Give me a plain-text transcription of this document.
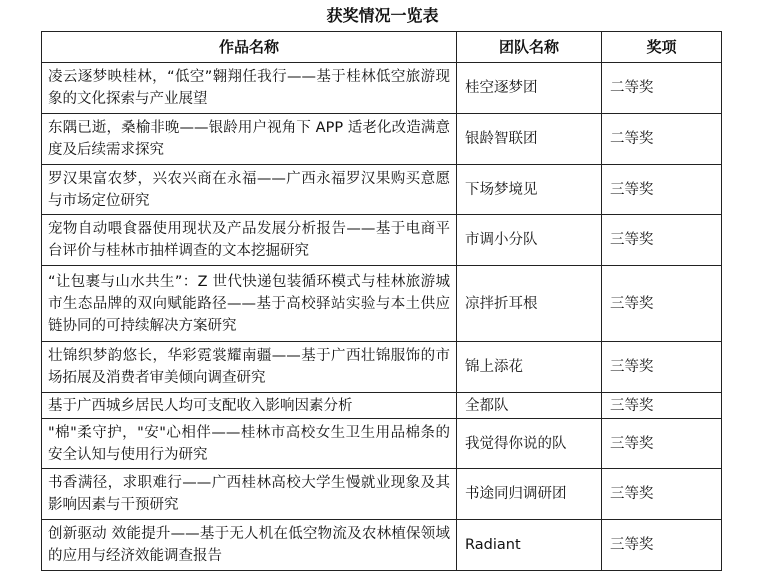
获奖情况一览表
作品名称	团队名称	奖项
凌云逐梦映桂林，“低空”翱翔任我行——基于桂林低空旅游现象的文化探索与产业展望	桂空逐梦团	二等奖
东隅已逝，桑榆非晚——银龄用户视角下 APP 适老化改造满意度及后续需求探究	银龄智联团	二等奖
罗汉果富农梦，兴农兴商在永福——广西永福罗汉果购买意愿与市场定位研究	下场梦境见	三等奖
宠物自动喂食器使用现状及产品发展分析报告——基于电商平台评价与桂林市抽样调查的文本挖掘研究	市调小分队	三等奖
“让包裹与山水共生”：Z 世代快递包装循环模式与桂林旅游城市生态品牌的双向赋能路径——基于高校驿站实验与本土供应链协同的可持续解决方案研究	凉拌折耳根	三等奖
壮锦织梦韵悠长，华彩霓裳耀南疆——基于广西壮锦服饰的市场拓展及消费者审美倾向调查研究	锦上添花	三等奖
基于广西城乡居民人均可支配收入影响因素分析	全都队	三等奖
"棉"柔守护，"安"心相伴——桂林市高校女生卫生用品棉条的安全认知与使用行为研究	我觉得你说的队	三等奖
书香满径，求职难行——广西桂林高校大学生慢就业现象及其影响因素与干预研究	书途同归调研团	三等奖
创新驱动 效能提升——基于无人机在低空物流及农林植保领域的应用与经济效能调查报告	Radiant	三等奖
